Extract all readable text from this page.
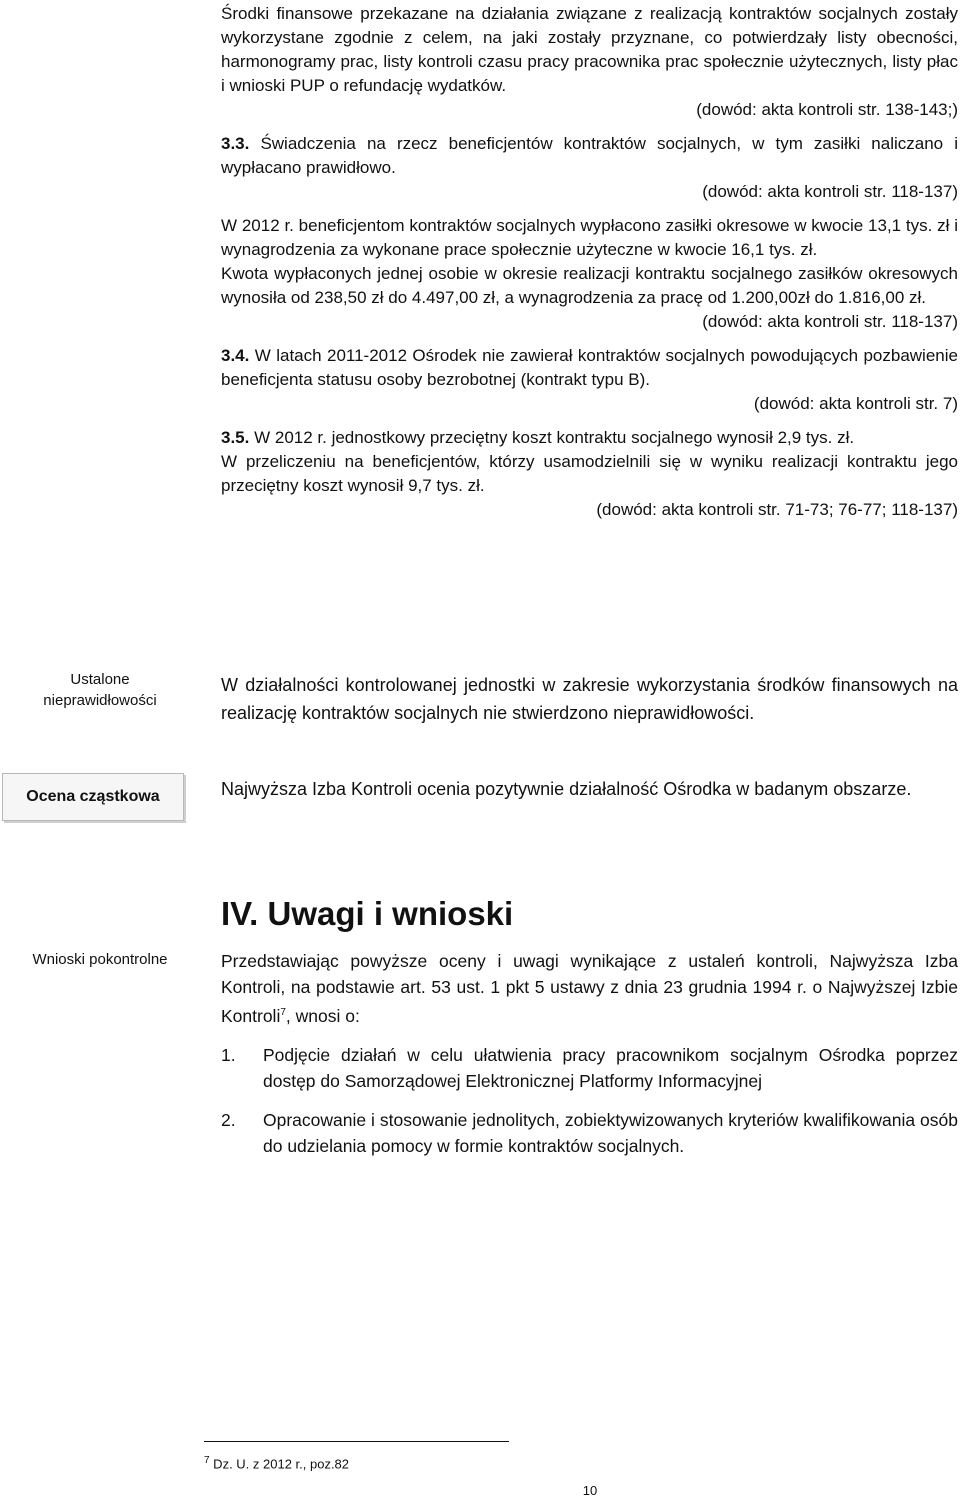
Środki finansowe przekazane na działania związane z realizacją kontraktów socjalnych zostały wykorzystane zgodnie z celem, na jaki zostały przyznane, co potwierdzały listy obecności, harmonogramy prac, listy kontroli czasu pracy pracownika prac społecznie użytecznych, listy płac i wnioski PUP o refundację wydatków.

(dowód: akta kontroli str. 138-143;)

3.3. Świadczenia na rzecz beneficjentów kontraktów socjalnych, w tym zasiłki naliczano i wypłacano prawidłowo.

(dowód: akta kontroli str. 118-137)

W 2012 r. beneficjentom kontraktów socjalnych wypłacono zasiłki okresowe w kwocie 13,1 tys. zł i wynagrodzenia za wykonane prace społecznie użyteczne w kwocie 16,1 tys. zł.

Kwota wypłaconych jednej osobie w okresie realizacji kontraktu socjalnego zasiłków okresowych wynosiła od 238,50 zł do 4.497,00 zł, a wynagrodzenia za pracę od 1.200,00zł do 1.816,00 zł.

(dowód: akta kontroli str. 118-137)

3.4. W latach 2011-2012 Ośrodek nie zawierał kontraktów socjalnych powodujących pozbawienie beneficjenta statusu osoby bezrobotnej (kontrakt typu B).

(dowód: akta kontroli str. 7)

3.5. W 2012 r. jednostkowy przeciętny koszt kontraktu socjalnego wynosił 2,9 tys. zł.

W przeliczeniu na beneficjentów, którzy usamodzielnili się w wyniku realizacji kontraktu jego przeciętny koszt wynosił 9,7 tys. zł.

(dowód: akta kontroli str. 71-73; 76-77; 118-137)

Ustalone
nieprawidłowości
W działalności kontrolowanej jednostki w zakresie wykorzystania środków finansowych na realizację kontraktów socjalnych nie stwierdzono nieprawidłowości.
Ocena cząstkowa	Najwyższa Izba Kontroli ocenia pozytywnie działalność Ośrodka w badanym obszarze.
IV. Uwagi i wnioski
Wnioski pokontrolne	Przedstawiając powyższe oceny i uwagi wynikające z ustaleń kontroli, Najwyższa Izba Kontroli, na podstawie art. 53 ust. 1 pkt 5 ustawy z dnia 23 grudnia 1994 r. o Najwyższej Izbie Kontroli$^7$, wnosi o:
1.	Podjęcie działań w celu ułatwienia pracy pracownikom socjalnym Ośrodka poprzez dostęp do Samorządowej Elektronicznej Platformy Informacyjnej
2.	Opracowanie i stosowanie jednolitych, zobiektywizowanych kryteriów kwalifikowania osób do udzielania pomocy w formie kontraktów socjalnych.
$^7$ Dz. U. z 2012 r., poz.82
10
